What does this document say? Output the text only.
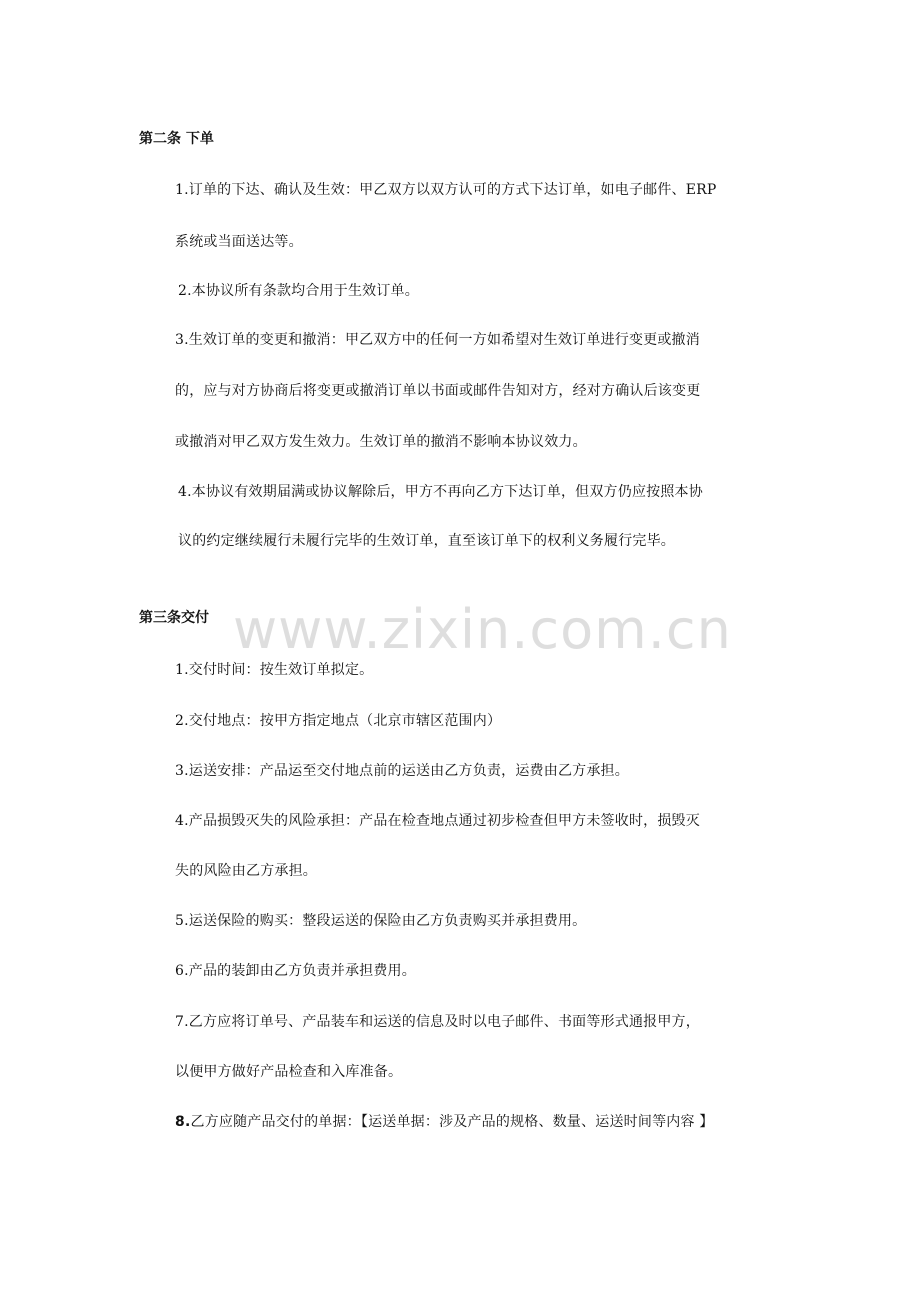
www.zixin.com.cn
第二条 下单
1.订单的下达、确认及生效：甲乙双方以双方认可的方式下达订单，如电子邮件、ERP
系统或当面送达等。
2.本协议所有条款均合用于生效订单。
3.生效订单的变更和撤消：甲乙双方中的任何一方如希望对生效订单进行变更或撤消
的，应与对方协商后将变更或撤消订单以书面或邮件告知对方，经对方确认后该变更
或撤消对甲乙双方发生效力。生效订单的撤消不影响本协议效力。
4.本协议有效期届满或协议解除后，甲方不再向乙方下达订单，但双方仍应按照本协
议的约定继续履行未履行完毕的生效订单，直至该订单下的权利义务履行完毕。
第三条交付
1.交付时间：按生效订单拟定。
2.交付地点：按甲方指定地点（北京市辖区范围内）
3.运送安排：产品运至交付地点前的运送由乙方负责，运费由乙方承担。
4.产品损毁灭失的风险承担：产品在检查地点通过初步检查但甲方未签收时，损毁灭
失的风险由乙方承担。
5.运送保险的购买：整段运送的保险由乙方负责购买并承担费用。
6.产品的装卸由乙方负责并承担费用。
7.乙方应将订单号、产品装车和运送的信息及时以电子邮件、书面等形式通报甲方，
以便甲方做好产品检查和入库准备。
8.乙方应随产品交付的单据：【运送单据：涉及产品的规格、数量、运送时间等内容 】
